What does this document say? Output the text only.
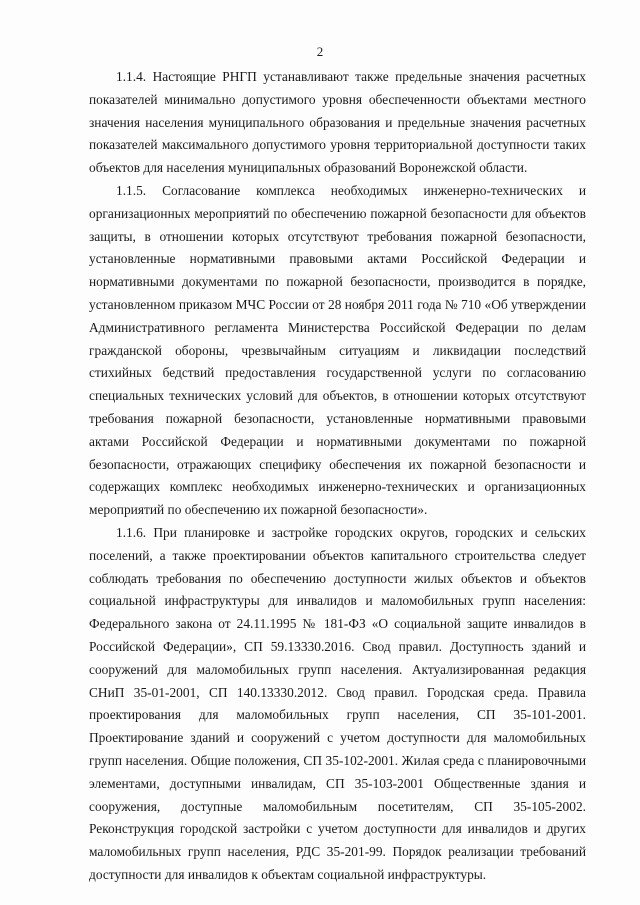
2

1.1.4. Настоящие РНГП устанавливают также предельные значения расчетных показателей минимально допустимого уровня обеспеченности объектами местного значения населения муниципального образования и предельные значения расчетных показателей максимального допустимого уровня территориальной доступности таких объектов для населения муниципальных образований Воронежской области.

1.1.5. Согласование комплекса необходимых инженерно-технических и организационных мероприятий по обеспечению пожарной безопасности для объектов защиты, в отношении которых отсутствуют требования пожарной безопасности, установленные нормативными правовыми актами Российской Федерации и нормативными документами по пожарной безопасности, производится в порядке, установленном приказом МЧС России от 28 ноября 2011 года № 710 «Об утверждении Административного регламента Министерства Российской Федерации по делам гражданской обороны, чрезвычайным ситуациям и ликвидации последствий стихийных бедствий предоставления государственной услуги по согласованию специальных технических условий для объектов, в отношении которых отсутствуют требования пожарной безопасности, установленные нормативными правовыми актами Российской Федерации и нормативными документами по пожарной безопасности, отражающих специфику обеспечения их пожарной безопасности и содержащих комплекс необходимых инженерно-технических и организационных мероприятий по обеспечению их пожарной безопасности».

1.1.6. При планировке и застройке городских округов, городских и сельских поселений, а также проектировании объектов капитального строительства следует соблюдать требования по обеспечению доступности жилых объектов и объектов социальной инфраструктуры для инвалидов и маломобильных групп населения: Федерального закона от 24.11.1995 № 181-ФЗ «О социальной защите инвалидов в Российской Федерации», СП 59.13330.2016. Свод правил. Доступность зданий и сооружений для маломобильных групп населения. Актуализированная редакция СНиП 35-01-2001, СП 140.13330.2012. Свод правил. Городская среда. Правила проектирования для маломобильных групп населения, СП 35-101-2001. Проектирование зданий и сооружений с учетом доступности для маломобильных групп населения. Общие положения, СП 35-102-2001. Жилая среда с планировочными элементами, доступными инвалидам, СП 35-103-2001 Общественные здания и сооружения, доступные маломобильным посетителям, СП 35-105-2002. Реконструкция городской застройки с учетом доступности для инвалидов и других маломобильных групп населения, РДС 35-201-99. Порядок реализации требований доступности для инвалидов к объектам социальной инфраструктуры.
